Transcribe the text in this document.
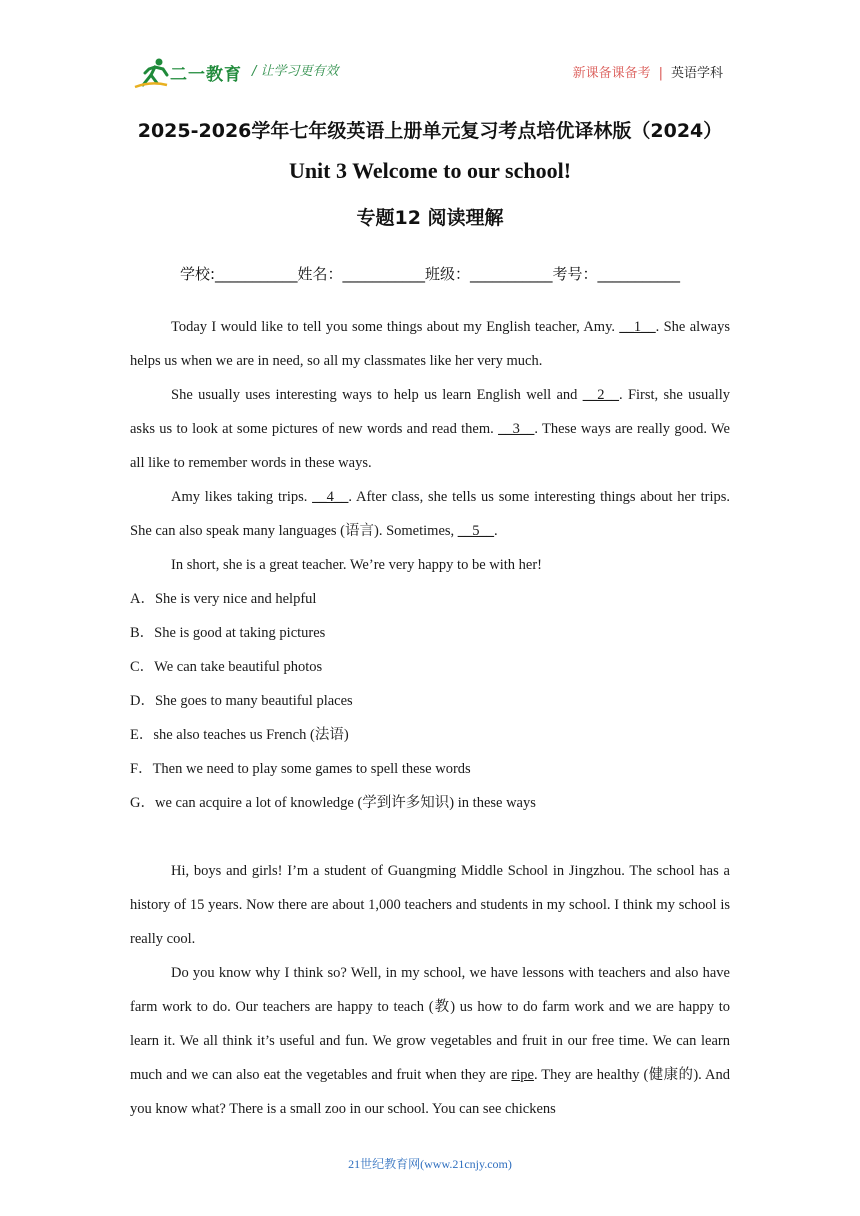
二一教育 / 让学习更有效	新课备课备考 | 英语学科
2025-2026学年七年级英语上册单元复习考点培优译林版（2024）
Unit 3 Welcome to our school!
专题12 阅读理解
学校:___________姓名：___________班级：___________考号：___________

Today I would like to tell you some things about my English teacher, Amy. __1__. She always helps us when we are in need, so all my classmates like her very much.

She usually uses interesting ways to help us learn English well and __2__. First, she usually asks us to look at some pictures of new words and read them. __3__. These ways are really good. We all like to remember words in these ways.

Amy likes taking trips. __4__. After class, she tells us some interesting things about her trips. She can also speak many languages (语言). Sometimes, __5__.

In short, she is a great teacher. We’re very happy to be with her!

A．She is very nice and helpful

B．She is good at taking pictures

C．We can take beautiful photos

D．She goes to many beautiful places

E．she also teaches us French (法语)

F．Then we need to play some games to spell these words

G．we can acquire a lot of knowledge (学到许多知识) in these ways

Hi, boys and girls! I’m a student of Guangming Middle School in Jingzhou. The school has a history of 15 years. Now there are about 1,000 teachers and students in my school. I think my school is really cool.

Do you know why I think so? Well, in my school, we have lessons with teachers and also have farm work to do. Our teachers are happy to teach (教) us how to do farm work and we are happy to learn it. We all think it’s useful and fun. We grow vegetables and fruit in our free time. We can learn much and we can also eat the vegetables and fruit when they are ripe. They are healthy (健康的). And you know what? There is a small zoo in our school. You can see chickens

21世纪教育网(www.21cnjy.com)
